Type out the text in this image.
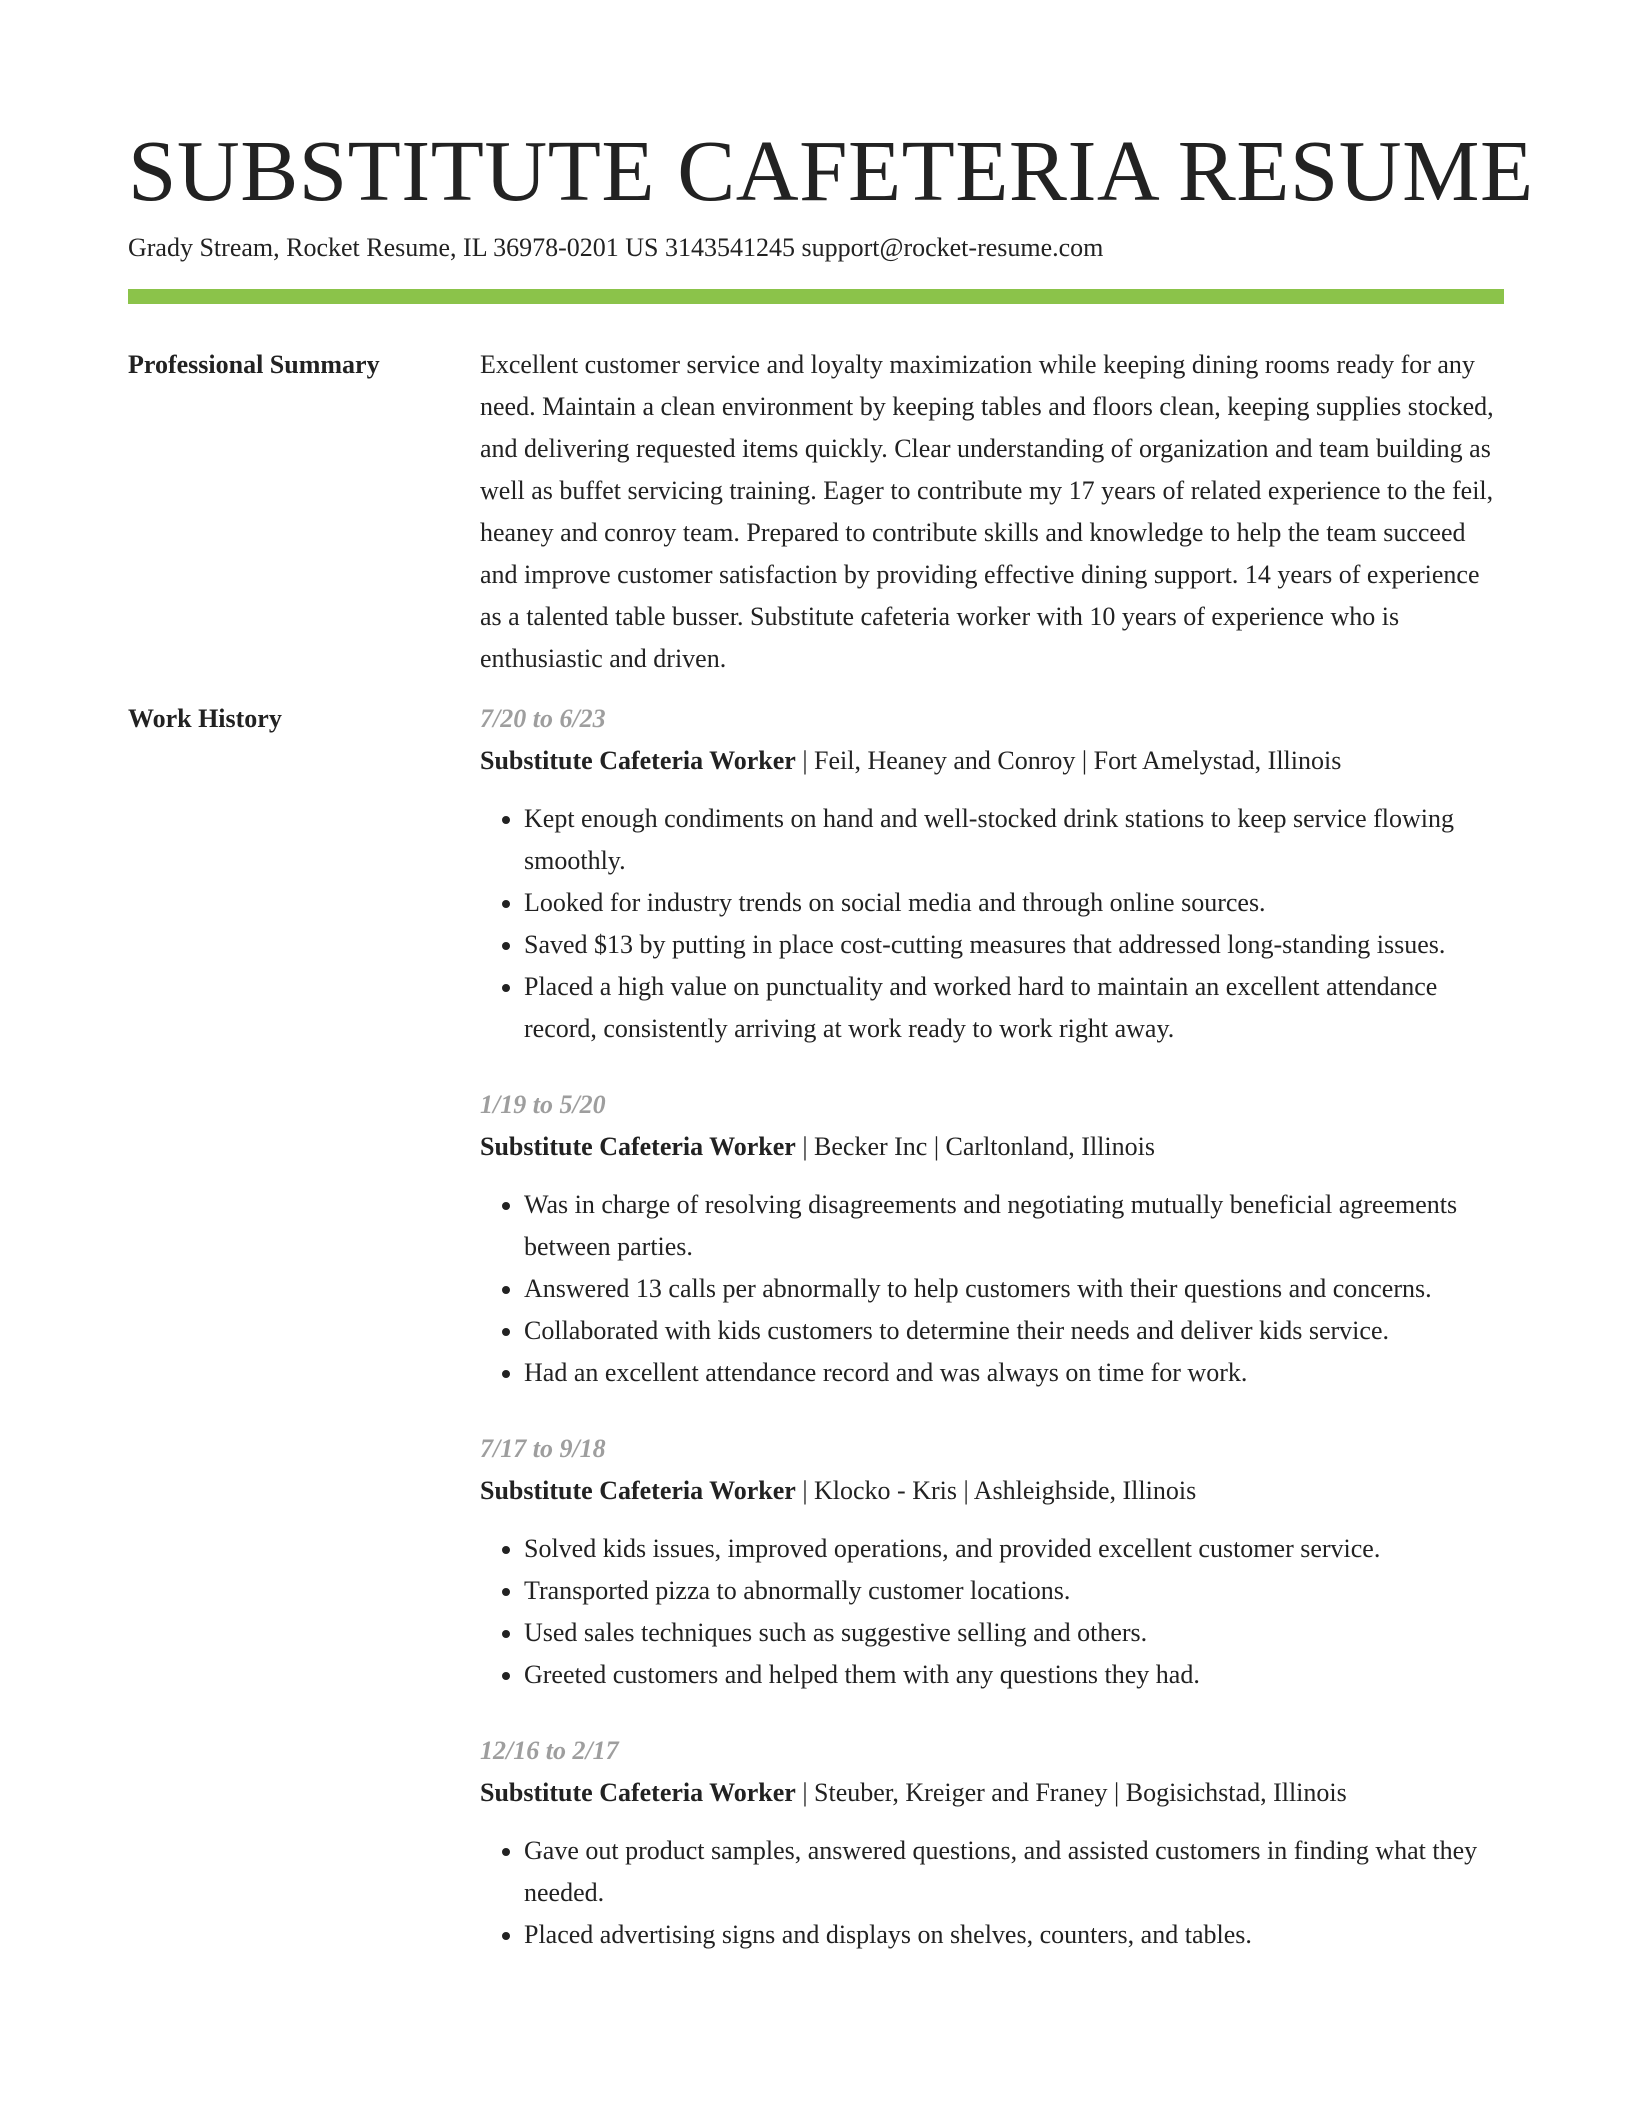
SUBSTITUTE CAFETERIA RESUME
Grady Stream, Rocket Resume, IL 36978-0201 US 3143541245 support@rocket-resume.com
Professional Summary	Excellent customer service and loyalty maximization while keeping dining rooms ready for any need. Maintain a clean environment by keeping tables and floors clean, keeping supplies stocked, and delivering requested items quickly. Clear understanding of organization and team building as well as buffet servicing training. Eager to contribute my 17 years of related experience to the feil, heaney and conroy team. Prepared to contribute skills and knowledge to help the team succeed and improve customer satisfaction by providing effective dining support. 14 years of experience as a talented table busser. Substitute cafeteria worker with 10 years of experience who is enthusiastic and driven.

Work History	7/20 to 6/23
Substitute Cafeteria Worker | Feil, Heaney and Conroy | Fort Amelystad, Illinois
• Kept enough condiments on hand and well-stocked drink stations to keep service flowing smoothly.
• Looked for industry trends on social media and through online sources.
• Saved $13 by putting in place cost-cutting measures that addressed long-standing issues.
• Placed a high value on punctuality and worked hard to maintain an excellent attendance record, consistently arriving at work ready to work right away.
1/19 to 5/20
Substitute Cafeteria Worker | Becker Inc | Carltonland, Illinois
• Was in charge of resolving disagreements and negotiating mutually beneficial agreements between parties.
• Answered 13 calls per abnormally to help customers with their questions and concerns.
• Collaborated with kids customers to determine their needs and deliver kids service.
• Had an excellent attendance record and was always on time for work.
7/17 to 9/18
Substitute Cafeteria Worker | Klocko - Kris | Ashleighside, Illinois
• Solved kids issues, improved operations, and provided excellent customer service.
• Transported pizza to abnormally customer locations.
• Used sales techniques such as suggestive selling and others.
• Greeted customers and helped them with any questions they had.
12/16 to 2/17
Substitute Cafeteria Worker | Steuber, Kreiger and Franey | Bogisichstad, Illinois
• Gave out product samples, answered questions, and assisted customers in finding what they needed.
• Placed advertising signs and displays on shelves, counters, and tables.
